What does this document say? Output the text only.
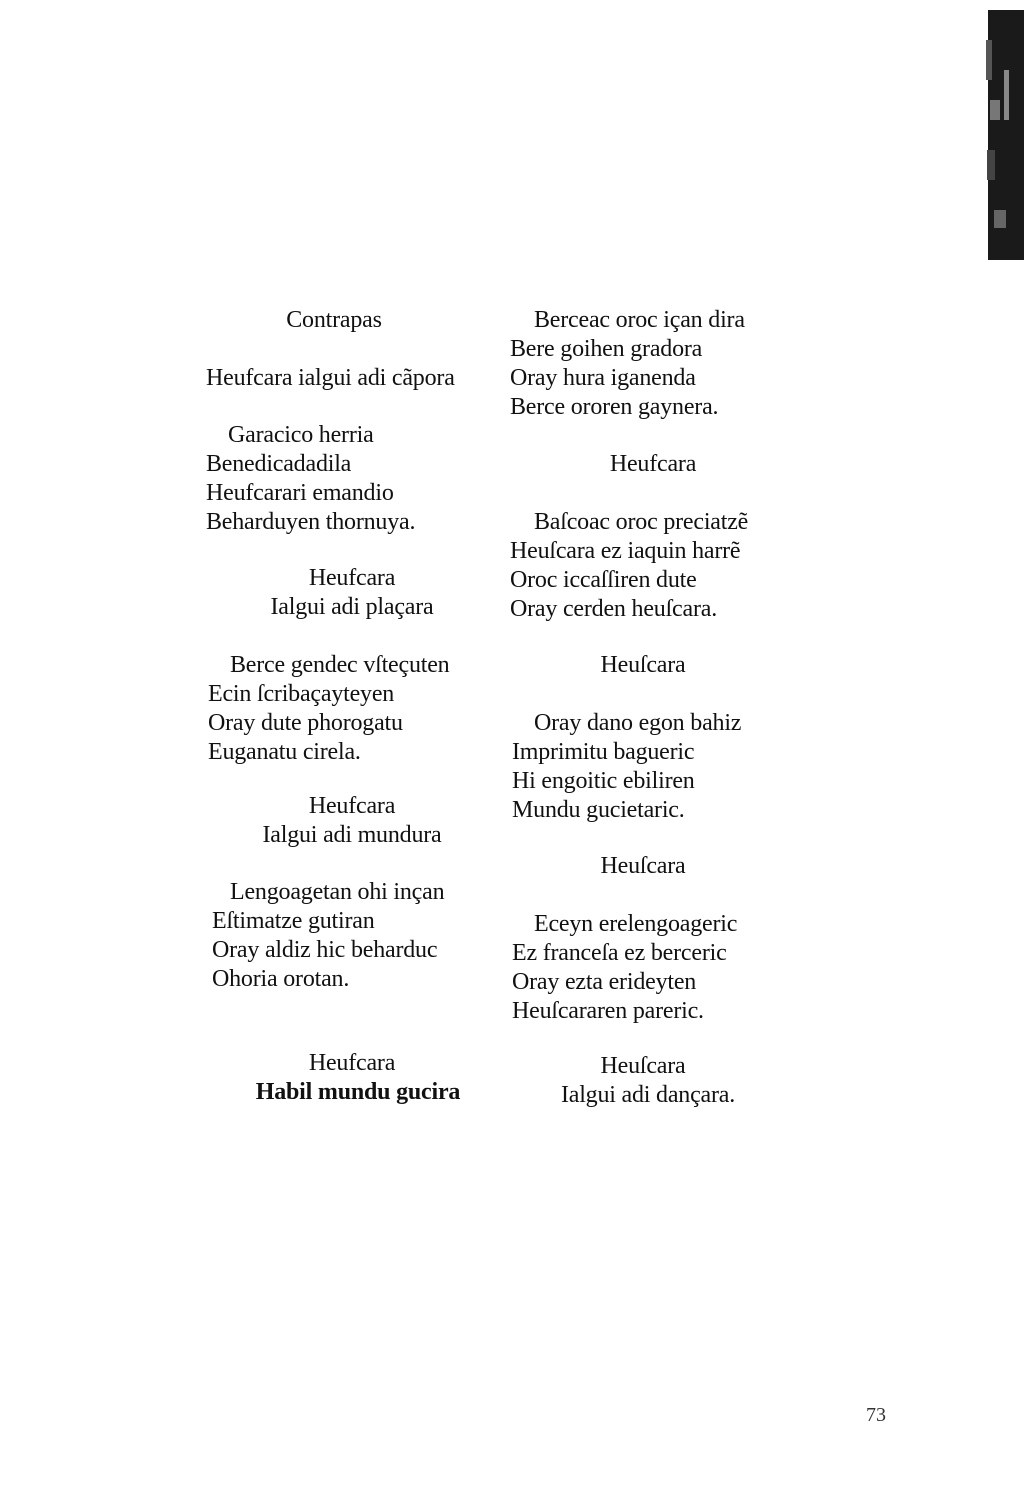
Contrapas
Heufcara ialgui adi cãpora
Garacico herria
Benedicadadila
Heufcarari emandio
Beharduyen thornuya.
Heufcara
Ialgui adi plaçara
Berce gendec vſteçuten
Ecin ſcribaçayteyen
Oray dute phorogatu
Euganatu cirela.
Heufcara
Ialgui adi mundura
Lengoagetan ohi inçan
Eſtimatze gutiran
Oray aldiz hic beharduc
Ohoria orotan.
Heufcara
Habil mundu gucira
Berceac oroc içan dira
Bere goihen gradora
Oray hura iganenda
Berce ororen gaynera.
Heufcara
Baſcoac oroc preciatzẽ
Heuſcara ez iaquin harrẽ
Oroc iccaſſiren dute
Oray cerden heuſcara.
Heuſcara
Oray dano egon bahiz
Imprimitu bagueric
Hi engoitic ebiliren
Mundu gucietaric.
Heuſcara
Eceyn erelengoageric
Ez franceſa ez berceric
Oray ezta erideyten
Heuſcararen pareric.
Heuſcara
Ialgui adi dançara.
73
